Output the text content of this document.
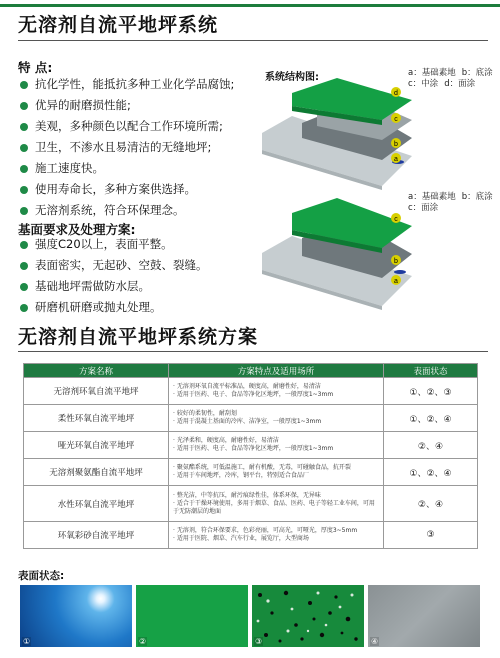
无溶剂自流平地坪系统
特 点:
抗化学性，能抵抗多种工业化学品腐蚀;
优异的耐磨损性能;
美观，多种颜色以配合工作环境所需;
卫生，不渗水且易清洁的无缝地坪;
施工速度快。
使用寿命长，多种方案供选择。
无溶剂系统，符合环保理念。
基面要求及处理方案:
强度C20以上，表面平整。
表面密实，无起砂、空鼓、裂缝。
基础地坪需做防水层。
研磨机研磨或抛丸处理。
系统结构图:	a：基础素地 b：底涂
c：中涂 d：面涂
d
c
b
a
a：基础素地 b：底涂
c：面涂
c
b
a
无溶剂自流平地坪系统方案
方案名称	方案特点及适用场所	表面状态
无溶剂环氧自流平地坪	· 无溶剂环氧自流平标准品，硬度高，耐磨性好，易清洁
· 适用于医药、电子、食品等净化区地坪，一般厚度1~3mm	①、②、③
柔性环氧自流平地坪	· 较好的柔韧性，耐刮划
· 适用于混凝土基面的冷库、洁净室，一般厚度1~3mm	①、②、④
哑光环氧自流平地坪	· 光泽柔和，硬度高，耐磨性好，易清洁
· 适用于医药、电子、食品等净化区地坪，一般厚度1~3mm	②、④
无溶剂聚氨酯自流平地坪	· 聚氨酯系统，可低温施工，耐有机酸，无毒，可碰触食品，抗开裂
· 适用于车间地坪，冷库，钢平台，特别适合食品厂	①、②、④
水性环氧自流平地坪	· 整光洁，中等抗压，耐污痕绿性佳，体系环保，无异味
· 适合于干燥环境使用，多用于烟草、食品、医药、电子等轻工业车间，可用于无防潮层的地面	②、④
环氧彩砂自流平地坪	· 无溶剂，符合环保要求，色彩亮丽，可高光，可哑光，厚度3~5mm
· 适用于医院、烟草、汽车行业，展览厅，大型商场	③
表面状态:
①	②	③	④
